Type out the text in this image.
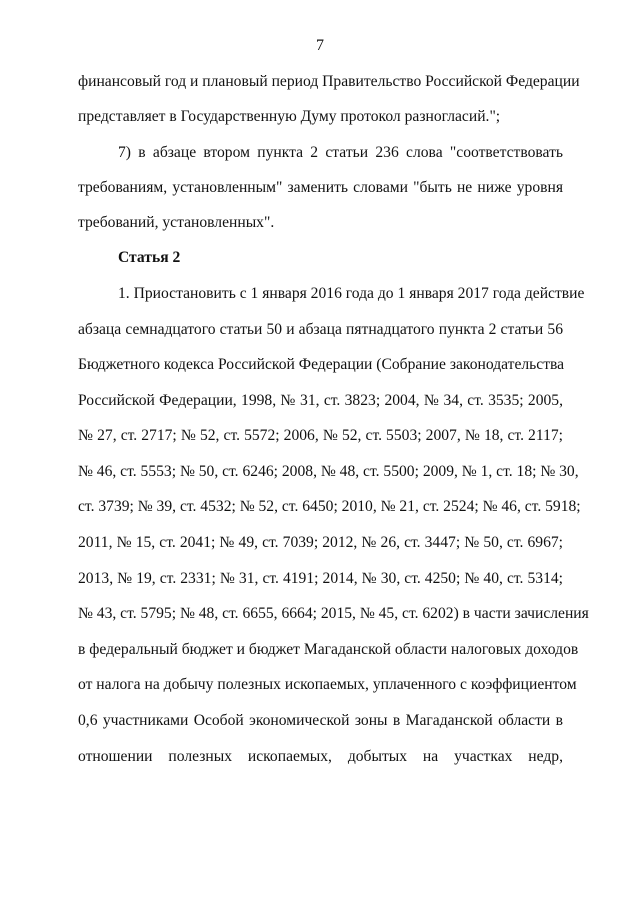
7
финансовый год и плановый период Правительство Российской Федерации
представляет в Государственную Думу протокол разногласий.";
7) в абзаце втором пункта 2 статьи 236 слова "соответствовать
требованиям, установленным" заменить словами "быть не ниже уровня
требований, установленных".
Статья 2
1. Приостановить с 1 января 2016 года до 1 января 2017 года действие
абзаца семнадцатого статьи 50 и абзаца пятнадцатого пункта 2 статьи 56
Бюджетного кодекса Российской Федерации (Собрание законодательства
Российской Федерации, 1998, № 31, ст. 3823; 2004, № 34, ст. 3535; 2005,
№ 27, ст. 2717; № 52, ст. 5572; 2006, № 52, ст. 5503; 2007, № 18, ст. 2117;
№ 46, ст. 5553; № 50, ст. 6246; 2008, № 48, ст. 5500; 2009, № 1, ст. 18; № 30,
ст. 3739; № 39, ст. 4532; № 52, ст. 6450; 2010, № 21, ст. 2524; № 46, ст. 5918;
2011, № 15, ст. 2041; № 49, ст. 7039; 2012, № 26, ст. 3447; № 50, ст. 6967;
2013, № 19, ст. 2331; № 31, ст. 4191; 2014, № 30, ст. 4250; № 40, ст. 5314;
№ 43, ст. 5795; № 48, ст. 6655, 6664; 2015, № 45, ст. 6202) в части зачисления
в федеральный бюджет и бюджет Магаданской области налоговых доходов
от налога на добычу полезных ископаемых, уплаченного с коэффициентом
0,6 участниками Особой экономической зоны в Магаданской области в
отношении полезных ископаемых, добытых на участках недр,
